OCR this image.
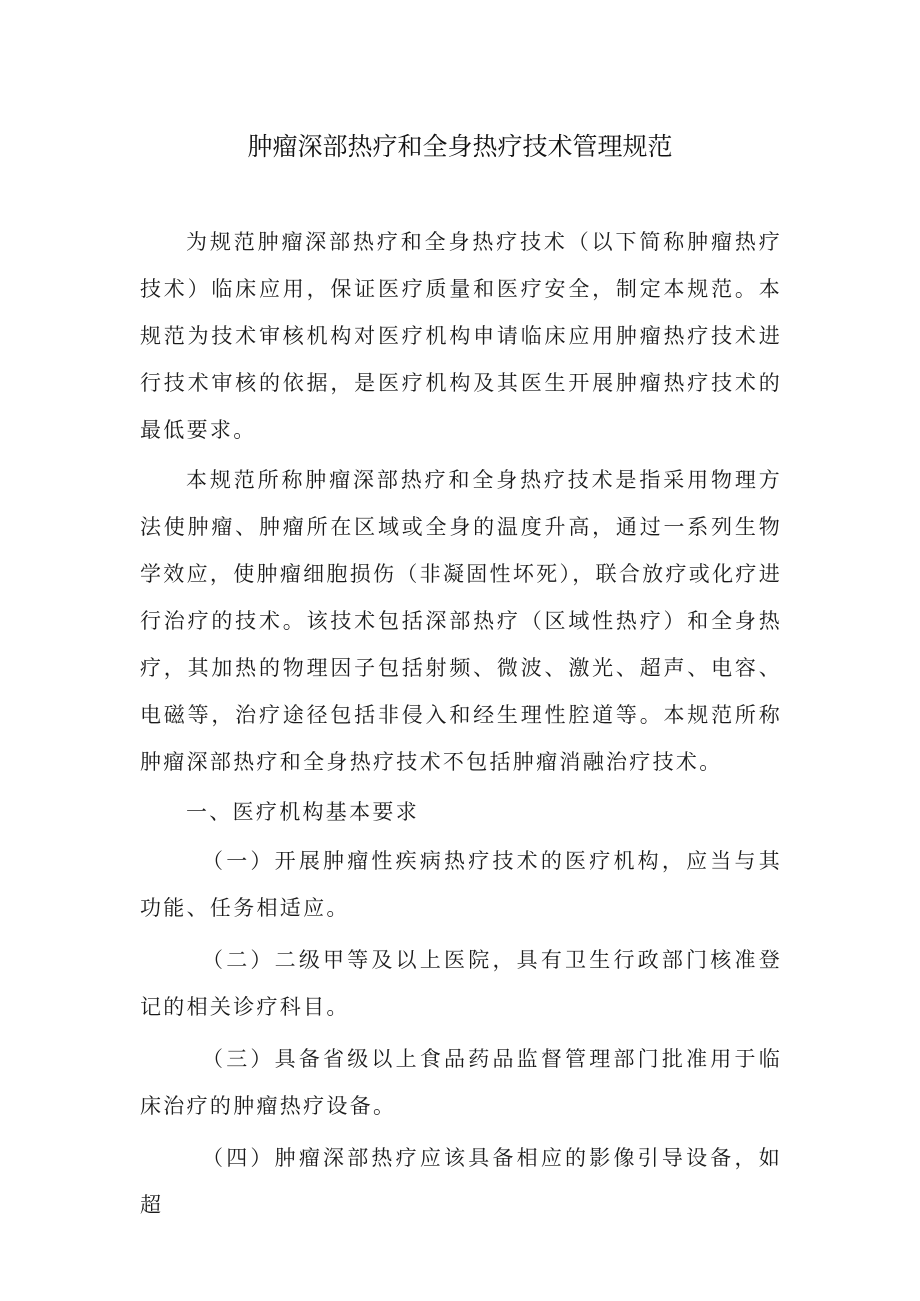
肿瘤深部热疗和全身热疗技术管理规范

为规范肿瘤深部热疗和全身热疗技术（以下简称肿瘤热疗技术）临床应用，保证医疗质量和医疗安全，制定本规范。本规范为技术审核机构对医疗机构申请临床应用肿瘤热疗技术进行技术审核的依据，是医疗机构及其医生开展肿瘤热疗技术的最低要求。

本规范所称肿瘤深部热疗和全身热疗技术是指采用物理方法使肿瘤、肿瘤所在区域或全身的温度升高，通过一系列生物学效应，使肿瘤细胞损伤（非凝固性坏死），联合放疗或化疗进行治疗的技术。该技术包括深部热疗（区域性热疗）和全身热疗，其加热的物理因子包括射频、微波、激光、超声、电容、电磁等，治疗途径包括非侵入和经生理性腔道等。本规范所称肿瘤深部热疗和全身热疗技术不包括肿瘤消融治疗技术。

一、医疗机构基本要求

（一）开展肿瘤性疾病热疗技术的医疗机构，应当与其功能、任务相适应。

（二）二级甲等及以上医院，具有卫生行政部门核准登记的相关诊疗科目。

（三）具备省级以上食品药品监督管理部门批准用于临床治疗的肿瘤热疗设备。

（四）肿瘤深部热疗应该具备相应的影像引导设备，如超
